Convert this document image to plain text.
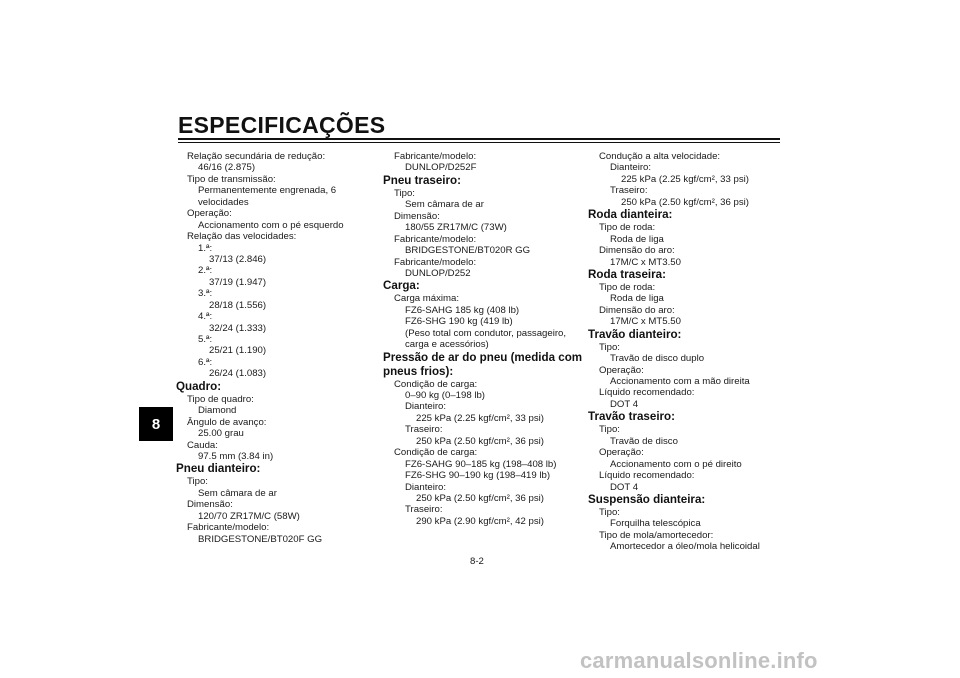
ESPECIFICAÇÕES
8
Relação secundária de redução:
46/16 (2.875)
Tipo de transmissão:
Permanentemente engrenada, 6
velocidades
Operação:
Accionamento com o pé esquerdo
Relação das velocidades:
1.ª:
37/13 (2.846)
2.ª:
37/19 (1.947)
3.ª:
28/18 (1.556)
4.ª:
32/24 (1.333)
5.ª:
25/21 (1.190)
6.ª:
26/24 (1.083)
Quadro:
Tipo de quadro:
Diamond
Ângulo de avanço:
25.00 grau
Cauda:
97.5 mm (3.84 in)
Pneu dianteiro:
Tipo:
Sem câmara de ar
Dimensão:
120/70 ZR17M/C (58W)
Fabricante/modelo:
BRIDGESTONE/BT020F GG
Fabricante/modelo:
DUNLOP/D252F
Pneu traseiro:
Tipo:
Sem câmara de ar
Dimensão:
180/55 ZR17M/C (73W)
Fabricante/modelo:
BRIDGESTONE/BT020R GG
Fabricante/modelo:
DUNLOP/D252
Carga:
Carga máxima:
FZ6-SAHG 185 kg (408 lb)
FZ6-SHG 190 kg (419 lb)
(Peso total com condutor, passageiro,
carga e acessórios)
Pressão de ar do pneu (medida com
pneus frios):
Condição de carga:
0–90 kg (0–198 lb)
Dianteiro:
225 kPa (2.25 kgf/cm², 33 psi)
Traseiro:
250 kPa (2.50 kgf/cm², 36 psi)
Condição de carga:
FZ6-SAHG 90–185 kg (198–408 lb)
FZ6-SHG 90–190 kg (198–419 lb)
Dianteiro:
250 kPa (2.50 kgf/cm², 36 psi)
Traseiro:
290 kPa (2.90 kgf/cm², 42 psi)
Condução a alta velocidade:
Dianteiro:
225 kPa (2.25 kgf/cm², 33 psi)
Traseiro:
250 kPa (2.50 kgf/cm², 36 psi)
Roda dianteira:
Tipo de roda:
Roda de liga
Dimensão do aro:
17M/C x MT3.50
Roda traseira:
Tipo de roda:
Roda de liga
Dimensão do aro:
17M/C x MT5.50
Travão dianteiro:
Tipo:
Travão de disco duplo
Operação:
Accionamento com a mão direita
Líquido recomendado:
DOT 4
Travão traseiro:
Tipo:
Travão de disco
Operação:
Accionamento com o pé direito
Líquido recomendado:
DOT 4
Suspensão dianteira:
Tipo:
Forquilha telescópica
Tipo de mola/amortecedor:
Amortecedor a óleo/mola helicoidal
8-2
carmanualsonline.info
